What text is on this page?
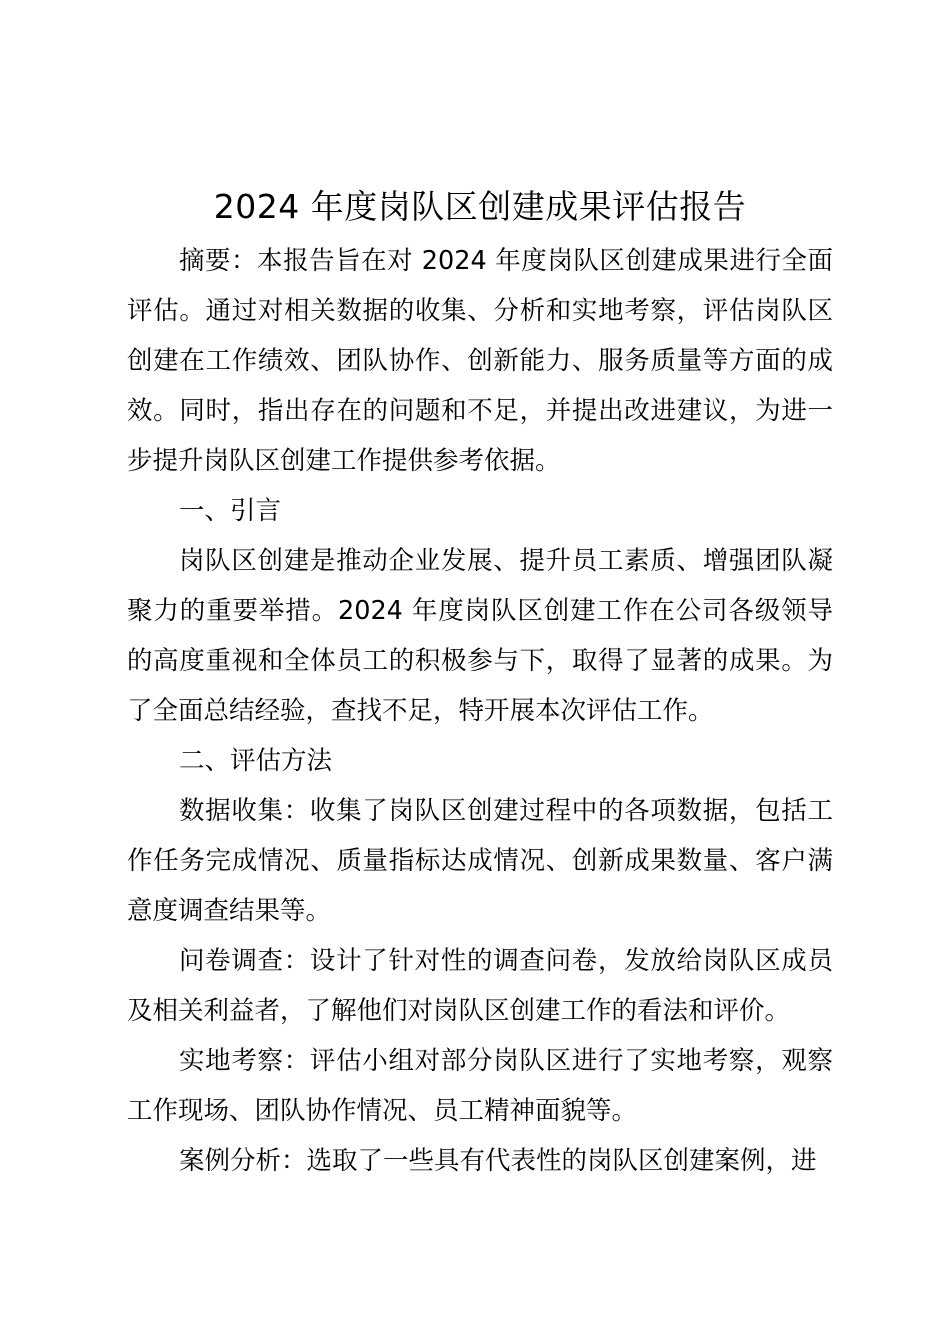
2024 年度岗队区创建成果评估报告

摘要：本报告旨在对 2024 年度岗队区创建成果进行全面评估。通过对相关数据的收集、分析和实地考察，评估岗队区创建在工作绩效、团队协作、创新能力、服务质量等方面的成效。同时，指出存在的问题和不足，并提出改进建议，为进一步提升岗队区创建工作提供参考依据。

一、引言

岗队区创建是推动企业发展、提升员工素质、增强团队凝聚力的重要举措。2024 年度岗队区创建工作在公司各级领导的高度重视和全体员工的积极参与下，取得了显著的成果。为了全面总结经验，查找不足，特开展本次评估工作。

二、评估方法

数据收集：收集了岗队区创建过程中的各项数据，包括工作任务完成情况、质量指标达成情况、创新成果数量、客户满意度调查结果等。

问卷调查：设计了针对性的调查问卷，发放给岗队区成员及相关利益者，了解他们对岗队区创建工作的看法和评价。

实地考察：评估小组对部分岗队区进行了实地考察，观察工作现场、团队协作情况、员工精神面貌等。

案例分析：选取了一些具有代表性的岗队区创建案例，进
